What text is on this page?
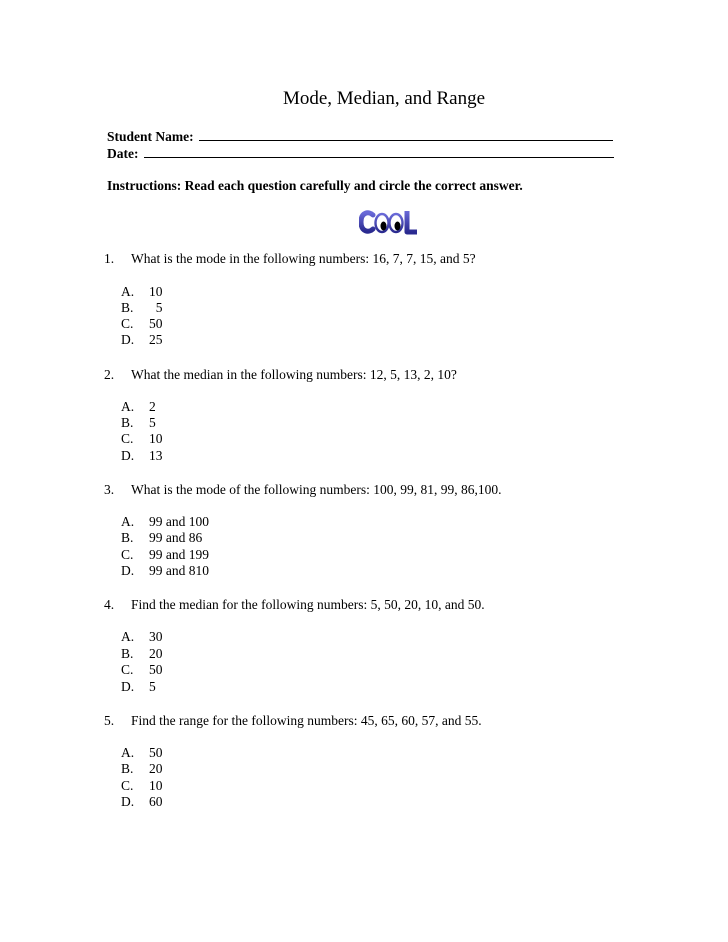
Mode, Median, and Range
Student Name:
Date:
Instructions: Read each question carefully and circle the correct answer.
1. What is the mode in the following numbers: 16, 7, 7, 15, and 5?
A. 10
B.  5
C. 50
D. 25
2. What the median in the following numbers: 12, 5, 13, 2, 10?
A. 2
B. 5
C. 10
D. 13
3. What is the mode of the following numbers: 100, 99, 81, 99, 86,100.
A. 99 and 100
B. 99 and 86
C. 99 and 199
D. 99 and 810
4. Find the median for the following numbers: 5, 50, 20, 10, and 50.
A. 30
B. 20
C. 50
D. 5
5. Find the range for the following numbers: 45, 65, 60, 57, and 55.
A. 50
B. 20
C. 10
D. 60
